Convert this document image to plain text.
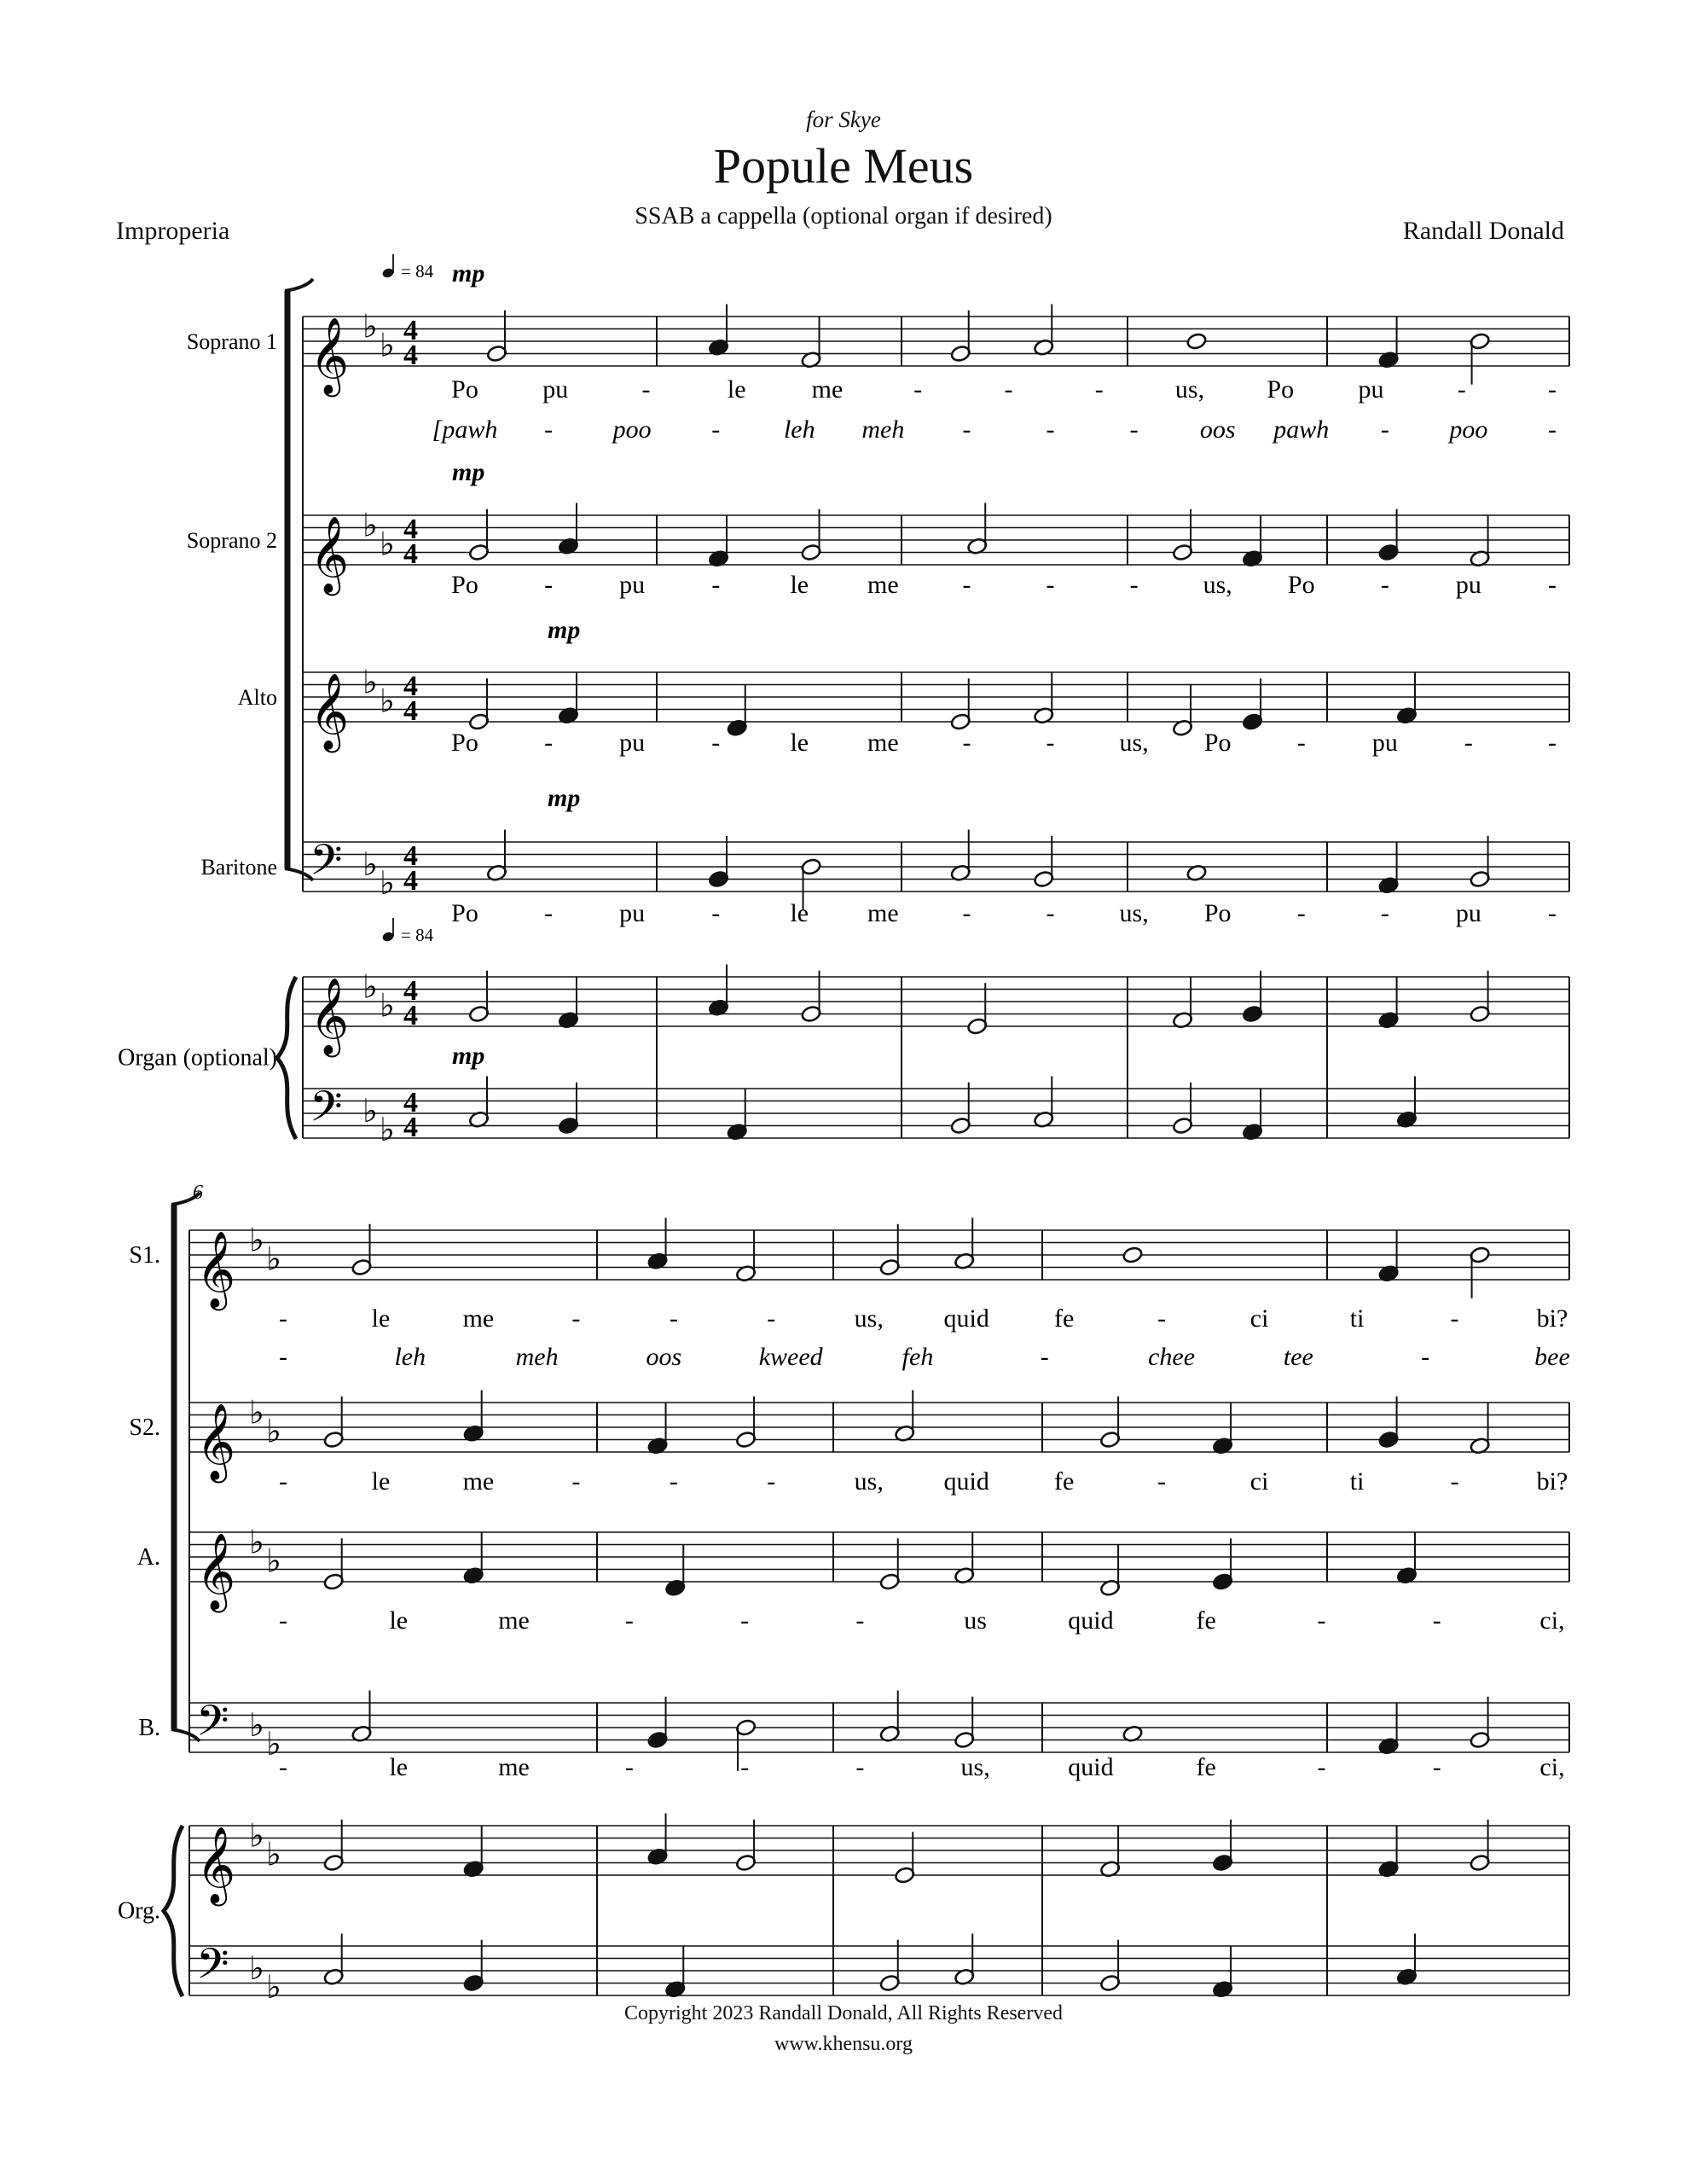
for Skye
Popule Meus
SSAB a cappella (optional organ if desired)
Improperia	Randall Donald
𝄞 ♭
♭ 4
4
Soprano 1
Po	pu	-	le	me	-	-	-	us, Po	pu	-	-
[pawh - poo - leh meh -	-	- oos pawh - poo -
𝄞 ♭
♭ 4
4
Soprano 2
Po	-	pu	-	le me -	-	-	us, Po	-	pu	-
𝄞 ♭
♭ 4
4
Alto
Po	-	pu	-	le me -	-	us, Po	-	pu	-	-
𝄢 ♭
♭
4
4
Baritone
Po	-	pu	-	le me -	-	us, Po	-	-	pu	-
𝄞 ♭
♭ 4
4
Organ (optional)
𝄢 ♭
♭
4
4
𝄞 ♭
♭
S1.
-	le	me	-	-	-	us, quid	fe	-	ci	ti	-	bi?
-	leh	meh	oos	kweed	feh	-	chee	tee	-	bee
𝄞 ♭
♭
S2.
-	le	me	-	-	-	us, quid	fe	-	ci	ti	-	bi?
𝄞 ♭
♭
A.
-	le	me	-	-	-	us	quid	fe	-	-	ci,
𝄢 ♭
♭
B.
-	le	me	-	-	-	us,	quid	fe	-	-	ci,
𝄞 ♭
♭
Org.
𝄢 ♭
♭
6
= 84
= 84
mp
mp
mp
mp
mp
Copyright 2023 Randall Donald, All Rights Reserved
www.khensu.org
